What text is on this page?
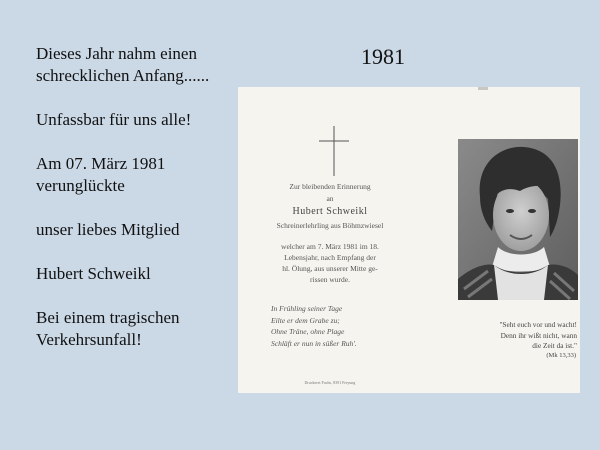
Dieses Jahr nahm einen
schrecklichen Anfang......

Unfassbar für uns alle!

Am 07. März 1981
verunglückte

unser liebes Mitglied

Hubert Schweikl

Bei einem tragischen
Verkehrsunfall!

1981
Zur bleibenden Erinnerung
an
Hubert Schweikl
Schreinerlehrling aus Böhmzwiesel
welcher am 7. März 1981 im 18.
Lebensjahr, nach Empfang der
hl. Ölung, aus unserer Mitte ge-
rissen wurde.
In Frühling seiner Tage
Eilte er dem Grabe zu;
Ohne Träne, ohne Plage
Schläft er nun in süßer Ruh'.
Druckerei Fuchs, 8391 Freyung
"Seht euch vor und wacht!
Denn ihr wißt nicht, wann
die Zeit da ist."
(Mk 13,33)
